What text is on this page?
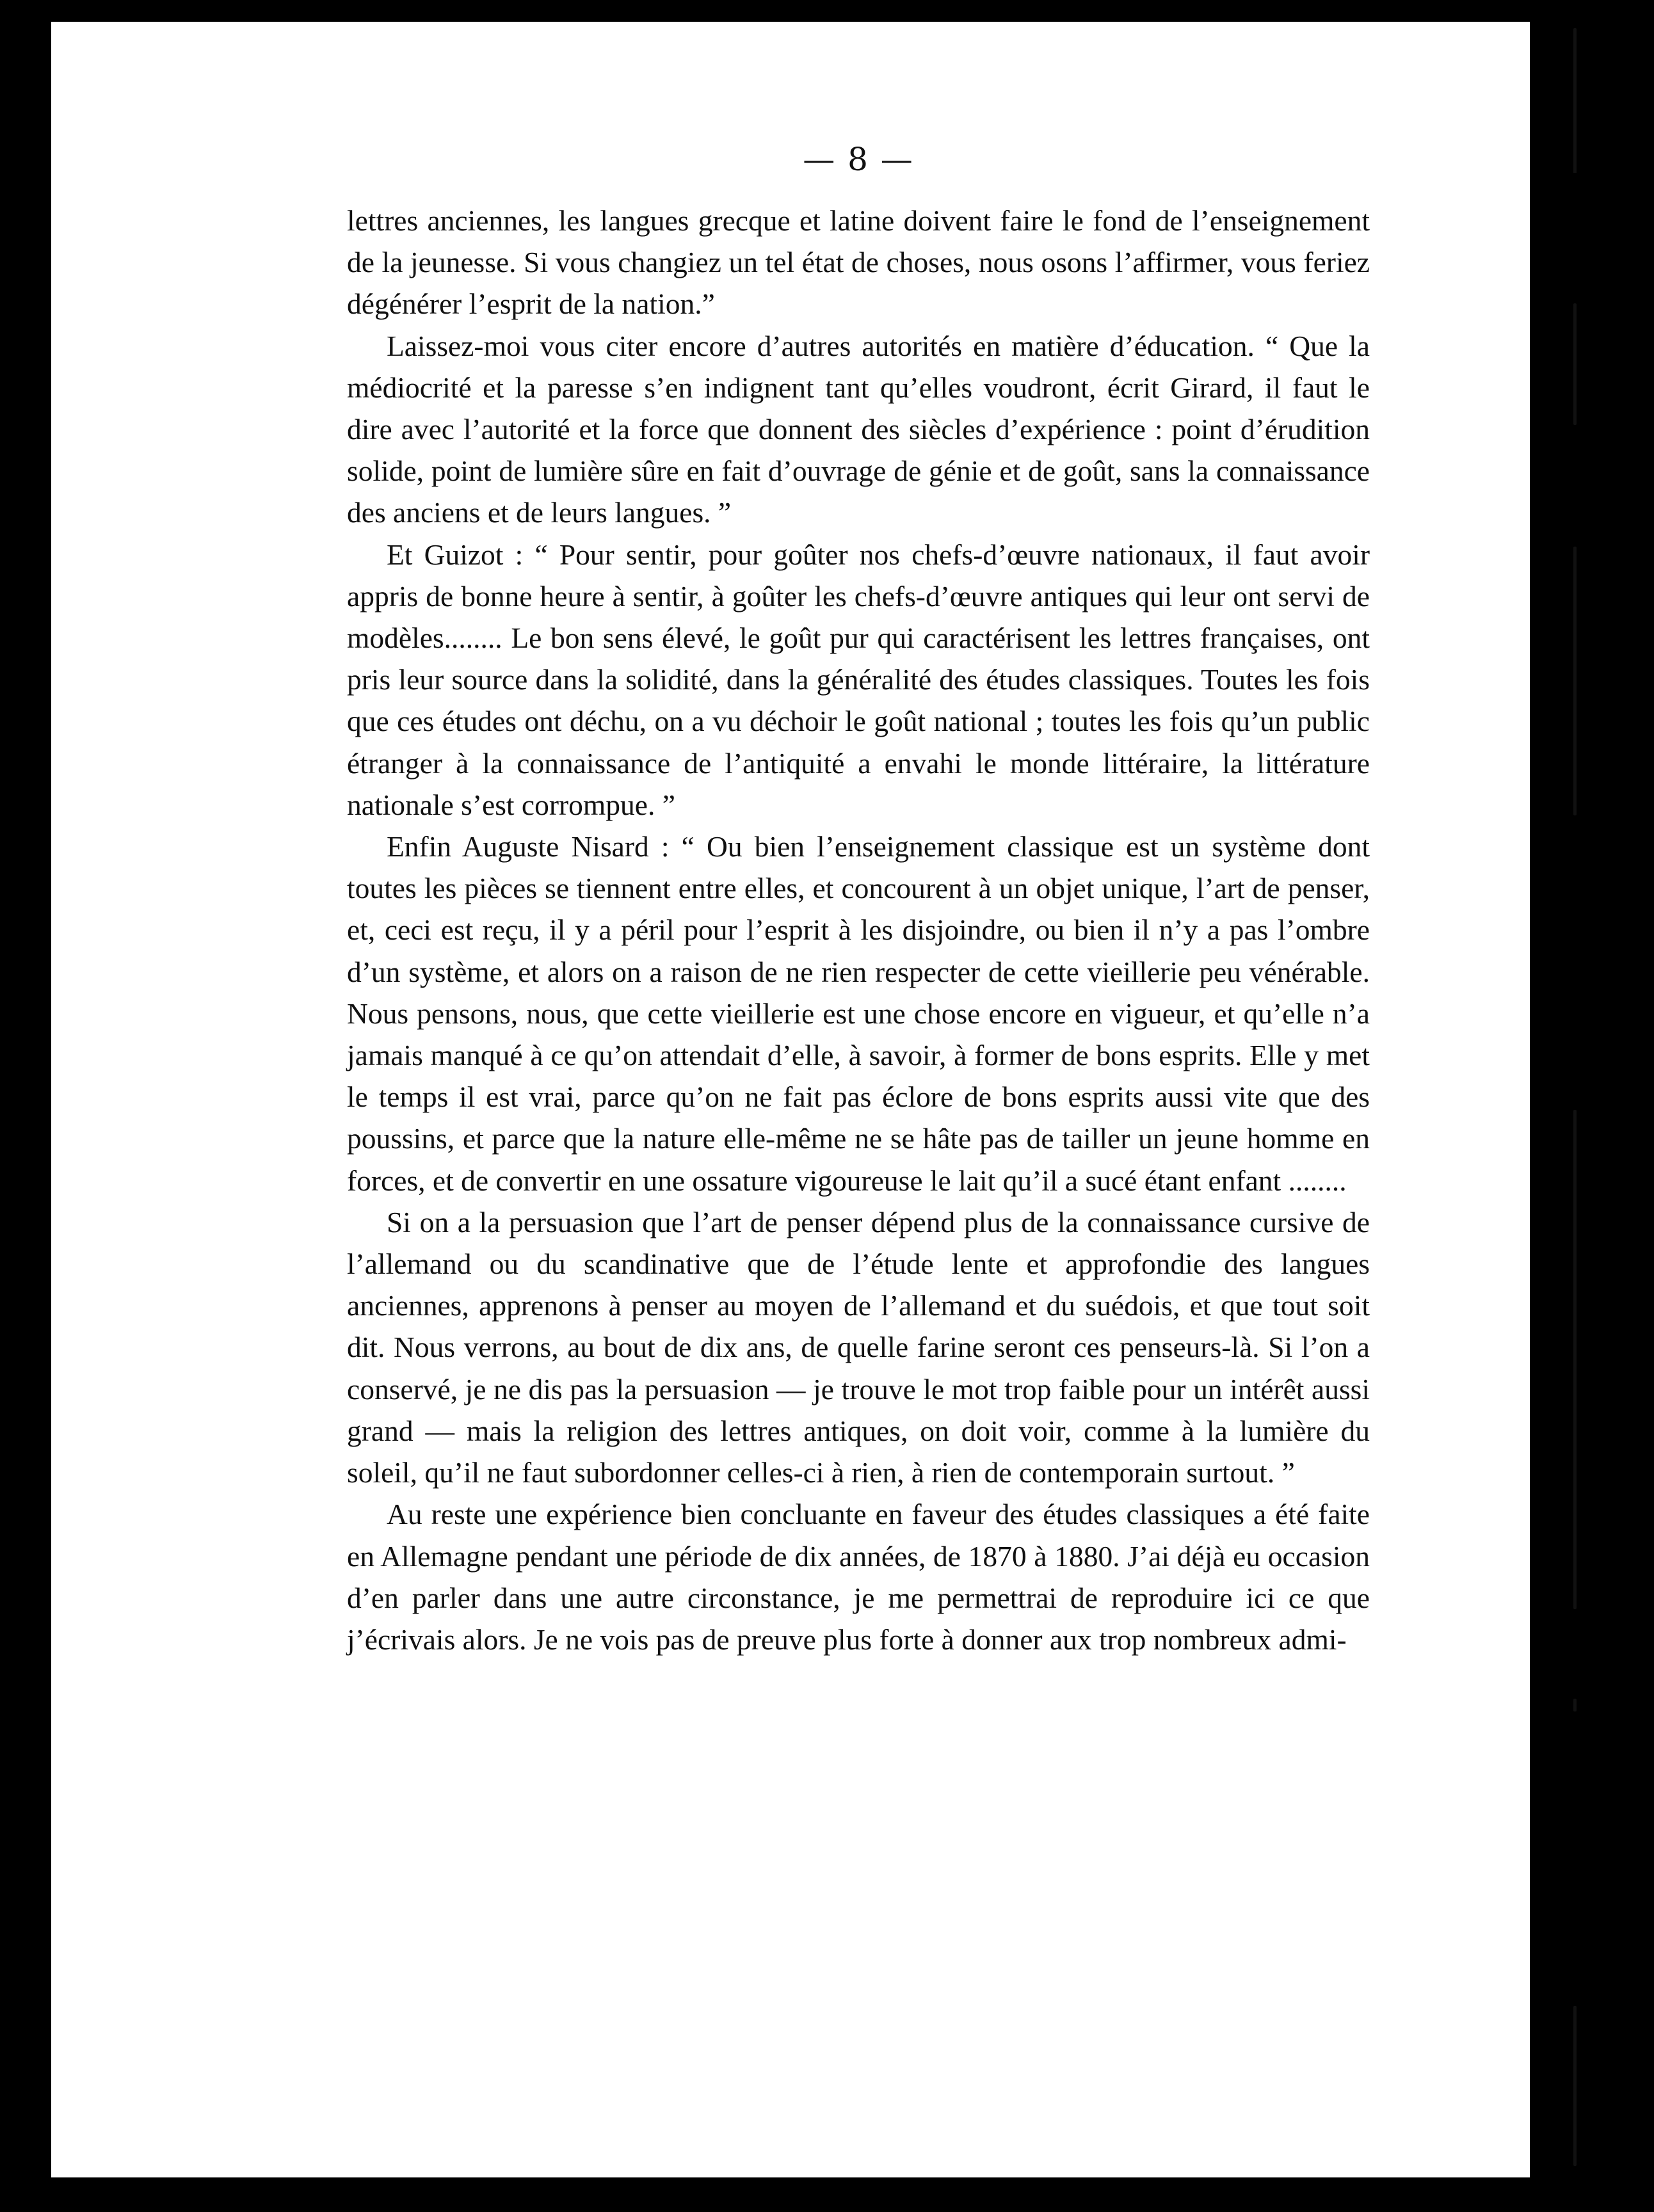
— 8 —

lettres anciennes, les langues grecque et latine doivent faire le fond de l’enseignement de la jeunesse. Si vous changiez un tel état de choses, nous osons l’affirmer, vous feriez dégénérer l’esprit de la nation.”

Laissez-moi vous citer encore d’autres autorités en matière d’éducation. “ Que la médiocrité et la paresse s’en indignent tant qu’elles voudront, écrit Girard, il faut le dire avec l’autorité et la force que donnent des siècles d’expérience : point d’érudition solide, point de lumière sûre en fait d’ouvrage de génie et de goût, sans la connaissance des anciens et de leurs langues. ”

Et Guizot : “ Pour sentir, pour goûter nos chefs-d’œuvre nationaux, il faut avoir appris de bonne heure à sentir, à goûter les chefs-d’œuvre antiques qui leur ont servi de modèles........ Le bon sens élevé, le goût pur qui caractérisent les lettres françaises, ont pris leur source dans la solidité, dans la généralité des études classiques. Toutes les fois que ces études ont déchu, on a vu déchoir le goût national ; toutes les fois qu’un public étranger à la connaissance de l’antiquité a envahi le monde littéraire, la littérature nationale s’est corrompue. ”

Enfin Auguste Nisard : “ Ou bien l’enseignement classique est un système dont toutes les pièces se tiennent entre elles, et concourent à un objet unique, l’art de penser, et, ceci est reçu, il y a péril pour l’esprit à les disjoindre, ou bien il n’y a pas l’ombre d’un système, et alors on a raison de ne rien respecter de cette vieillerie peu vénérable. Nous pensons, nous, que cette vieillerie est une chose encore en vigueur, et qu’elle n’a jamais manqué à ce qu’on attendait d’elle, à savoir, à former de bons esprits. Elle y met le temps il est vrai, parce qu’on ne fait pas éclore de bons esprits aussi vite que des poussins, et parce que la nature elle-même ne se hâte pas de tailler un jeune homme en forces, et de convertir en une ossature vigoureuse le lait qu’il a sucé étant enfant ........

Si on a la persuasion que l’art de penser dépend plus de la connaissance cursive de l’allemand ou du scandinative que de l’étude lente et approfondie des langues anciennes, apprenons à penser au moyen de l’allemand et du suédois, et que tout soit dit. Nous verrons, au bout de dix ans, de quelle farine seront ces penseurs-là. Si l’on a conservé, je ne dis pas la persuasion — je trouve le mot trop faible pour un intérêt aussi grand — mais la religion des lettres antiques, on doit voir, comme à la lumière du soleil, qu’il ne faut subordonner celles-ci à rien, à rien de contemporain surtout. ”

Au reste une expérience bien concluante en faveur des études classiques a été faite en Allemagne pendant une période de dix années, de 1870 à 1880. J’ai déjà eu occasion d’en parler dans une autre circonstance, je me permettrai de reproduire ici ce que j’écrivais alors. Je ne vois pas de preuve plus forte à donner aux trop nombreux admi-
